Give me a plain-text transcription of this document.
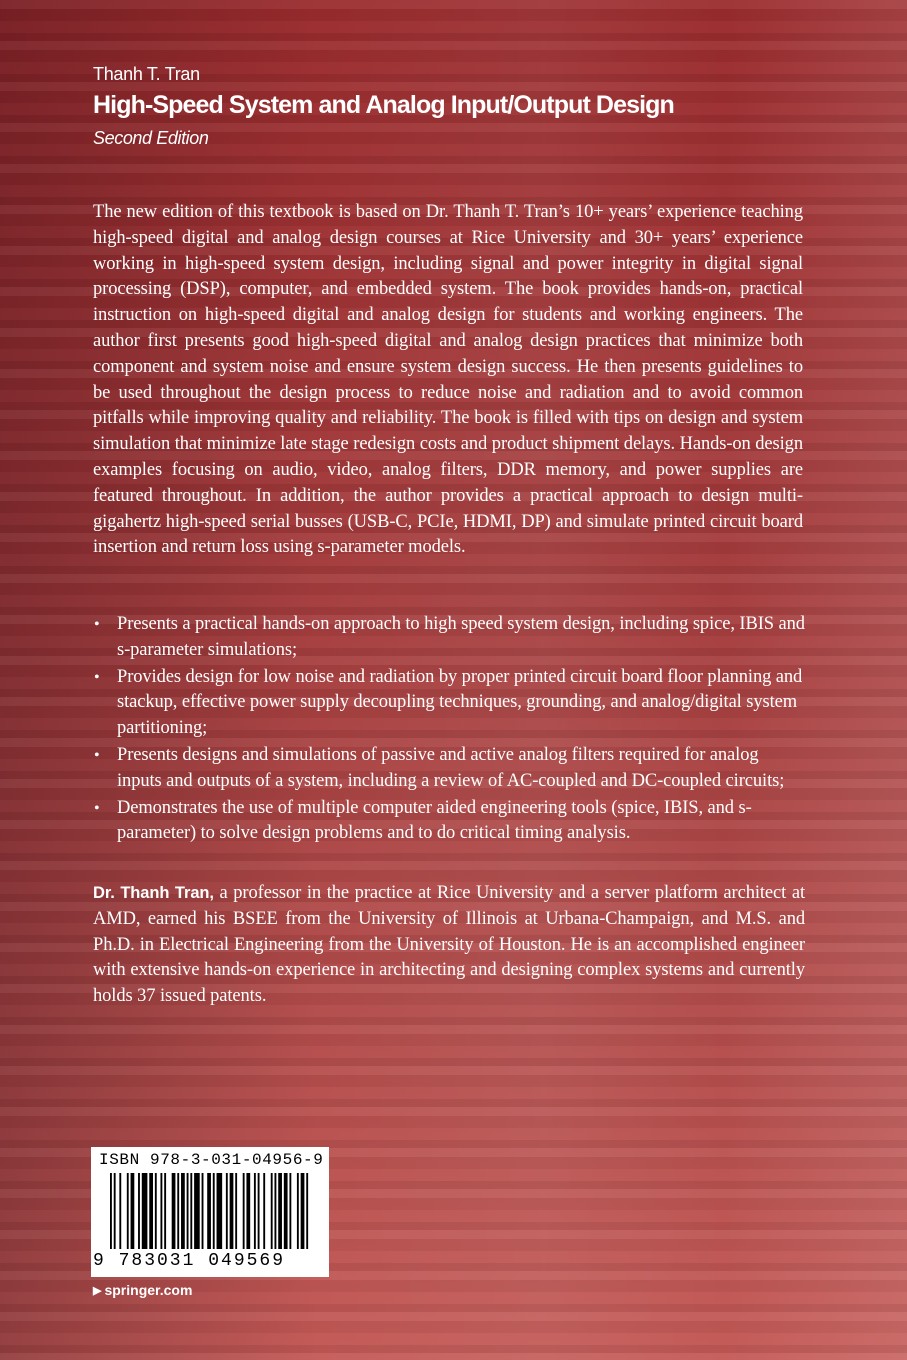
Thanh T. Tran
High-Speed System and Analog Input/Output Design
Second Edition

The new edition of this textbook is based on Dr. Thanh T. Tran’s 10+ years’ experience teaching high-speed digital and analog design courses at Rice University and 30+ years’ experience working in high-speed system design, including signal and power integrity in digital signal processing (DSP), computer, and embedded system. The book provides hands-on, practical instruction on high-speed digital and analog design for students and working engineers. The author first presents good high-speed digital and analog design practices that minimize both component and system noise and ensure system design success. He then presents guidelines to be used throughout the design process to reduce noise and radiation and to avoid common pitfalls while improving quality and reliability. The book is filled with tips on design and system simulation that minimize late stage redesign costs and product shipment delays. Hands-on design examples focusing on audio, video, analog filters, DDR memory, and power supplies are featured throughout. In addition, the author provides a practical approach to design multi-gigahertz high-speed serial busses (USB-C, PCIe, HDMI, DP) and simulate printed circuit board insertion and return loss using s-parameter models.

• Presents a practical hands-on approach to high speed system design, including spice, IBIS and s-parameter simulations;
• Provides design for low noise and radiation by proper printed circuit board floor planning and stackup, effective power supply decoupling techniques, grounding, and analog/digital system partitioning;
• Presents designs and simulations of passive and active analog filters required for analog inputs and outputs of a system, including a review of AC-coupled and DC-coupled circuits;
• Demonstrates the use of multiple computer aided engineering tools (spice, IBIS, and s-parameter) to solve design problems and to do critical timing analysis.

Dr. Thanh Tran, a professor in the practice at Rice University and a server platform architect at AMD, earned his BSEE from the University of Illinois at Urbana-Champaign, and M.S. and Ph.D. in Electrical Engineering from the University of Houston. He is an accomplished engineer with extensive hands-on experience in architecting and designing complex systems and currently holds 37 issued patents.

ISBN 978-3-031-04956-9
9 783031 049569
▶ springer.com
